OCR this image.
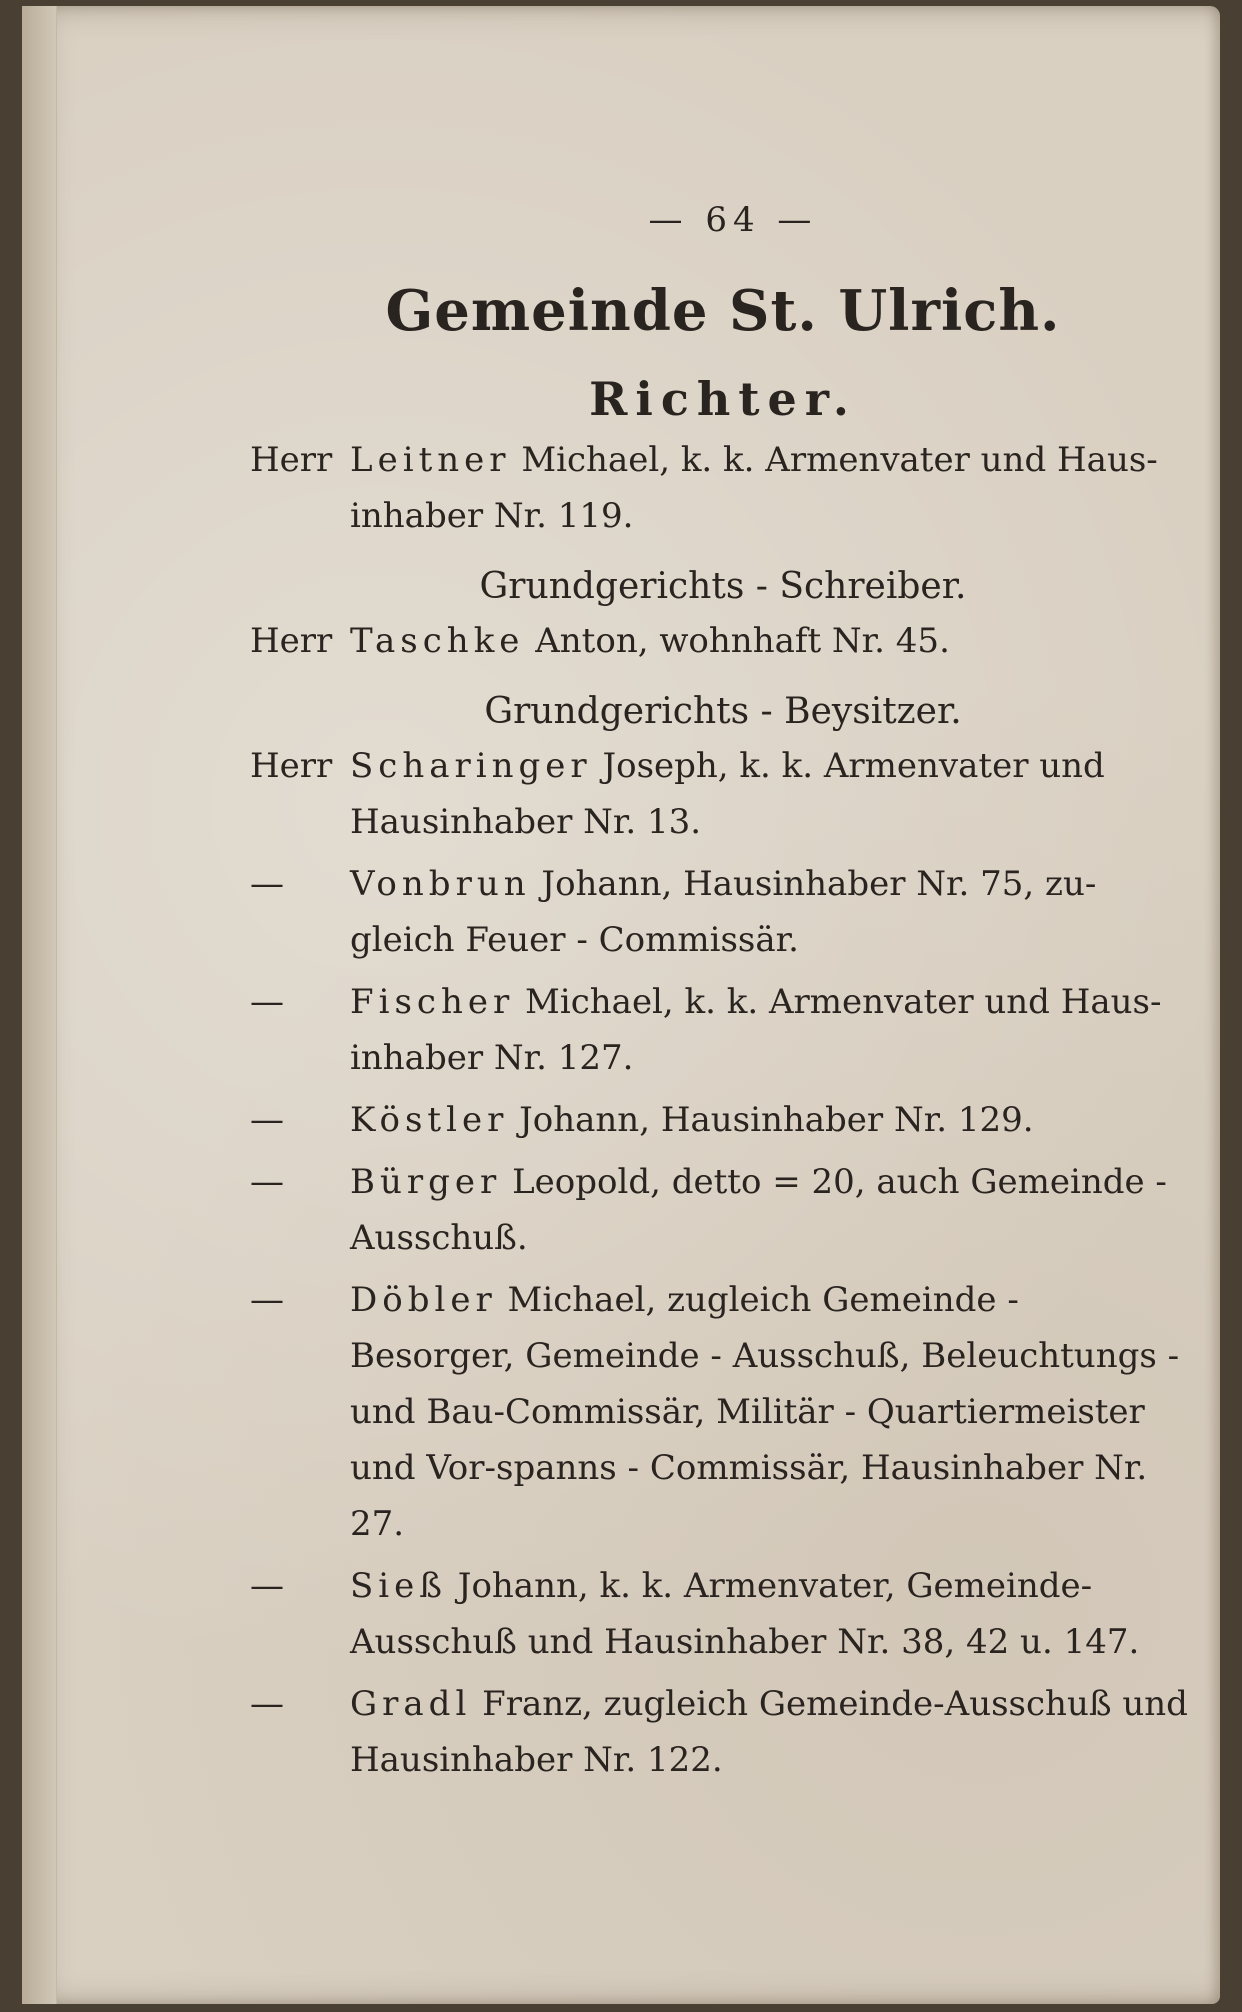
— 64 —
Gemeinde St. Ulrich.
Richter.
Herr Leitner Michael, k. k. Armenvater und Haus-inhaber Nr. 119.
Grundgerichts - Schreiber.
Herr Taschke Anton, wohnhaft Nr. 45.
Grundgerichts - Beysitzer.
Herr Scharinger Joseph, k. k. Armenvater und Hausinhaber Nr. 13.
—	Vonbrun Johann, Hausinhaber Nr. 75, zu-gleich Feuer - Commissär.
—	Fischer Michael, k. k. Armenvater und Haus-inhaber Nr. 127.
—	Köstler Johann, Hausinhaber Nr. 129.
—	Bürger Leopold, detto = 20, auch Gemeinde - Ausschuß.
—	Döbler Michael, zugleich Gemeinde - Besorger, Gemeinde - Ausschuß, Beleuchtungs - und Bau-Commissär, Militär - Quartiermeister und Vor-spanns - Commissär, Hausinhaber Nr. 27.
—	Sieß Johann, k. k. Armenvater, Gemeinde-Ausschuß und Hausinhaber Nr. 38, 42 u. 147.
—	Gradl Franz, zugleich Gemeinde-Ausschuß und Hausinhaber Nr. 122.
